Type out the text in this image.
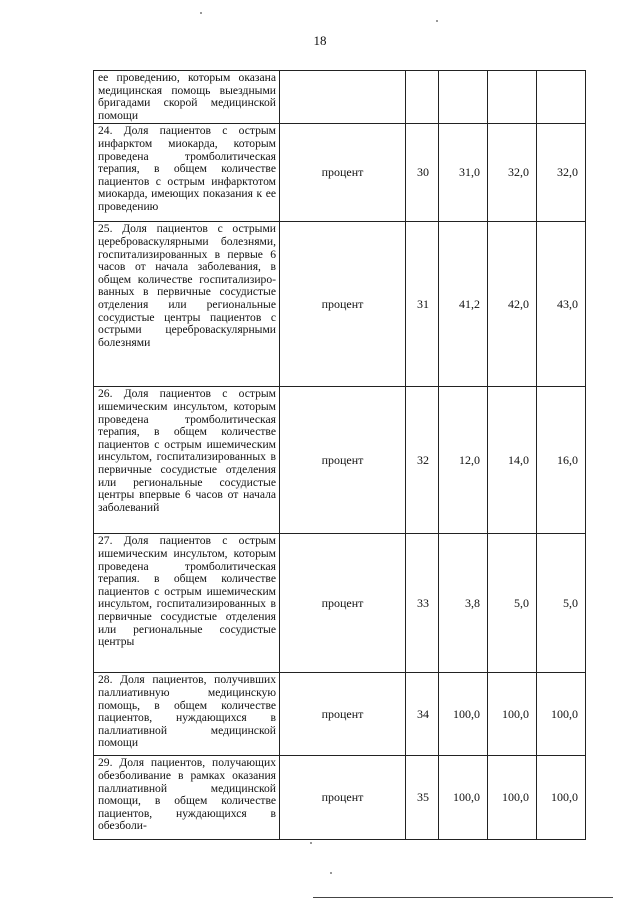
18
ее проведению, которым оказана медицинская помощь выездными бригадами скорой медицинской помощи					
24. Доля пациентов с острым инфарктом миокарда, которым проведена тромболитическая терапия, в общем количестве пациентов с острым инфарктотом миокарда, имеющих показания к ее проведению	процент	30	31,0	32,0	32,0
25. Доля пациентов с острыми цереброваскулярными болезнями, госпитализированных в первые 6 часов от начала заболевания, в общем количестве госпитализированных в первичные сосудистые отделения или региональные сосудистые центры пациентов с острыми цереброваскулярными болезнями	процент	31	41,2	42,0	43,0
26. Доля пациентов с острым ишемическим инсультом, которым проведена тромболитическая терапия, в общем количестве пациентов с острым ишемическим инсультом, госпитализированных в первичные сосудистые отделения или региональные сосудистые центры впервые 6 часов от начала заболеваний	процент	32	12,0	14,0	16,0
27. Доля пациентов с острым ишемическим инсультом, которым проведена тромболитическая терапия. в общем количестве пациентов с острым ишемическим инсультом, госпитализированных в первичные сосудистые отделения или региональные сосудистые центры	процент	33	3,8	5,0	5,0
28. Доля пациентов, получивших паллиативную медицинскую помощь, в общем количестве пациентов, нуждающихся в паллиативной медицинской помощи	процент	34	100,0	100,0	100,0
29. Доля пациентов, получающих обезболивание в рамках оказания паллиативной медицинской помощи, в общем количестве пациентов, нуждающихся в обезболи-	процент	35	100,0	100,0	100,0
